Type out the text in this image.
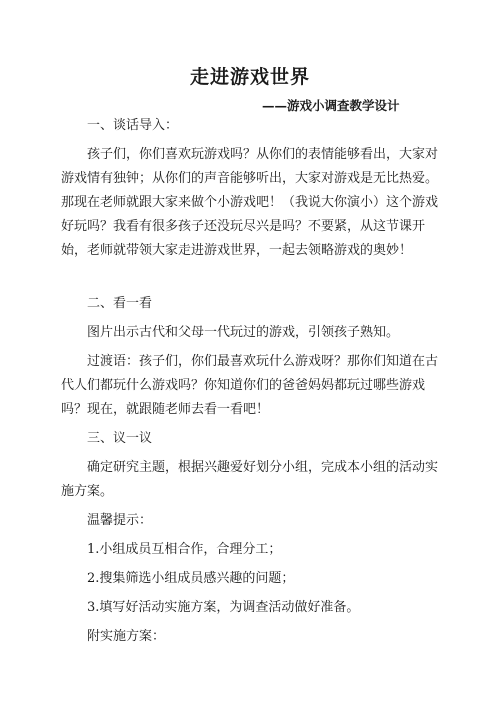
走进游戏世界
——游戏小调查教学设计

一、谈话导入：

孩子们，你们喜欢玩游戏吗？从你们的表情能够看出，大家对游戏情有独钟；从你们的声音能够听出，大家对游戏是无比热爱。那现在老师就跟大家来做个小游戏吧！（我说大你演小）这个游戏好玩吗？我看有很多孩子还没玩尽兴是吗？不要紧，从这节课开始，老师就带领大家走进游戏世界，一起去领略游戏的奥妙！

二、看一看

图片出示古代和父母一代玩过的游戏，引领孩子熟知。

过渡语：孩子们，你们最喜欢玩什么游戏呀？那你们知道在古代人们都玩什么游戏吗？你知道你们的爸爸妈妈都玩过哪些游戏吗？现在，就跟随老师去看一看吧！

三、议一议

确定研究主题，根据兴趣爱好划分小组，完成本小组的活动实施方案。

温馨提示：

1.小组成员互相合作，合理分工；

2.搜集筛选小组成员感兴趣的问题；

3.填写好活动实施方案，为调查活动做好准备。

附实施方案：
